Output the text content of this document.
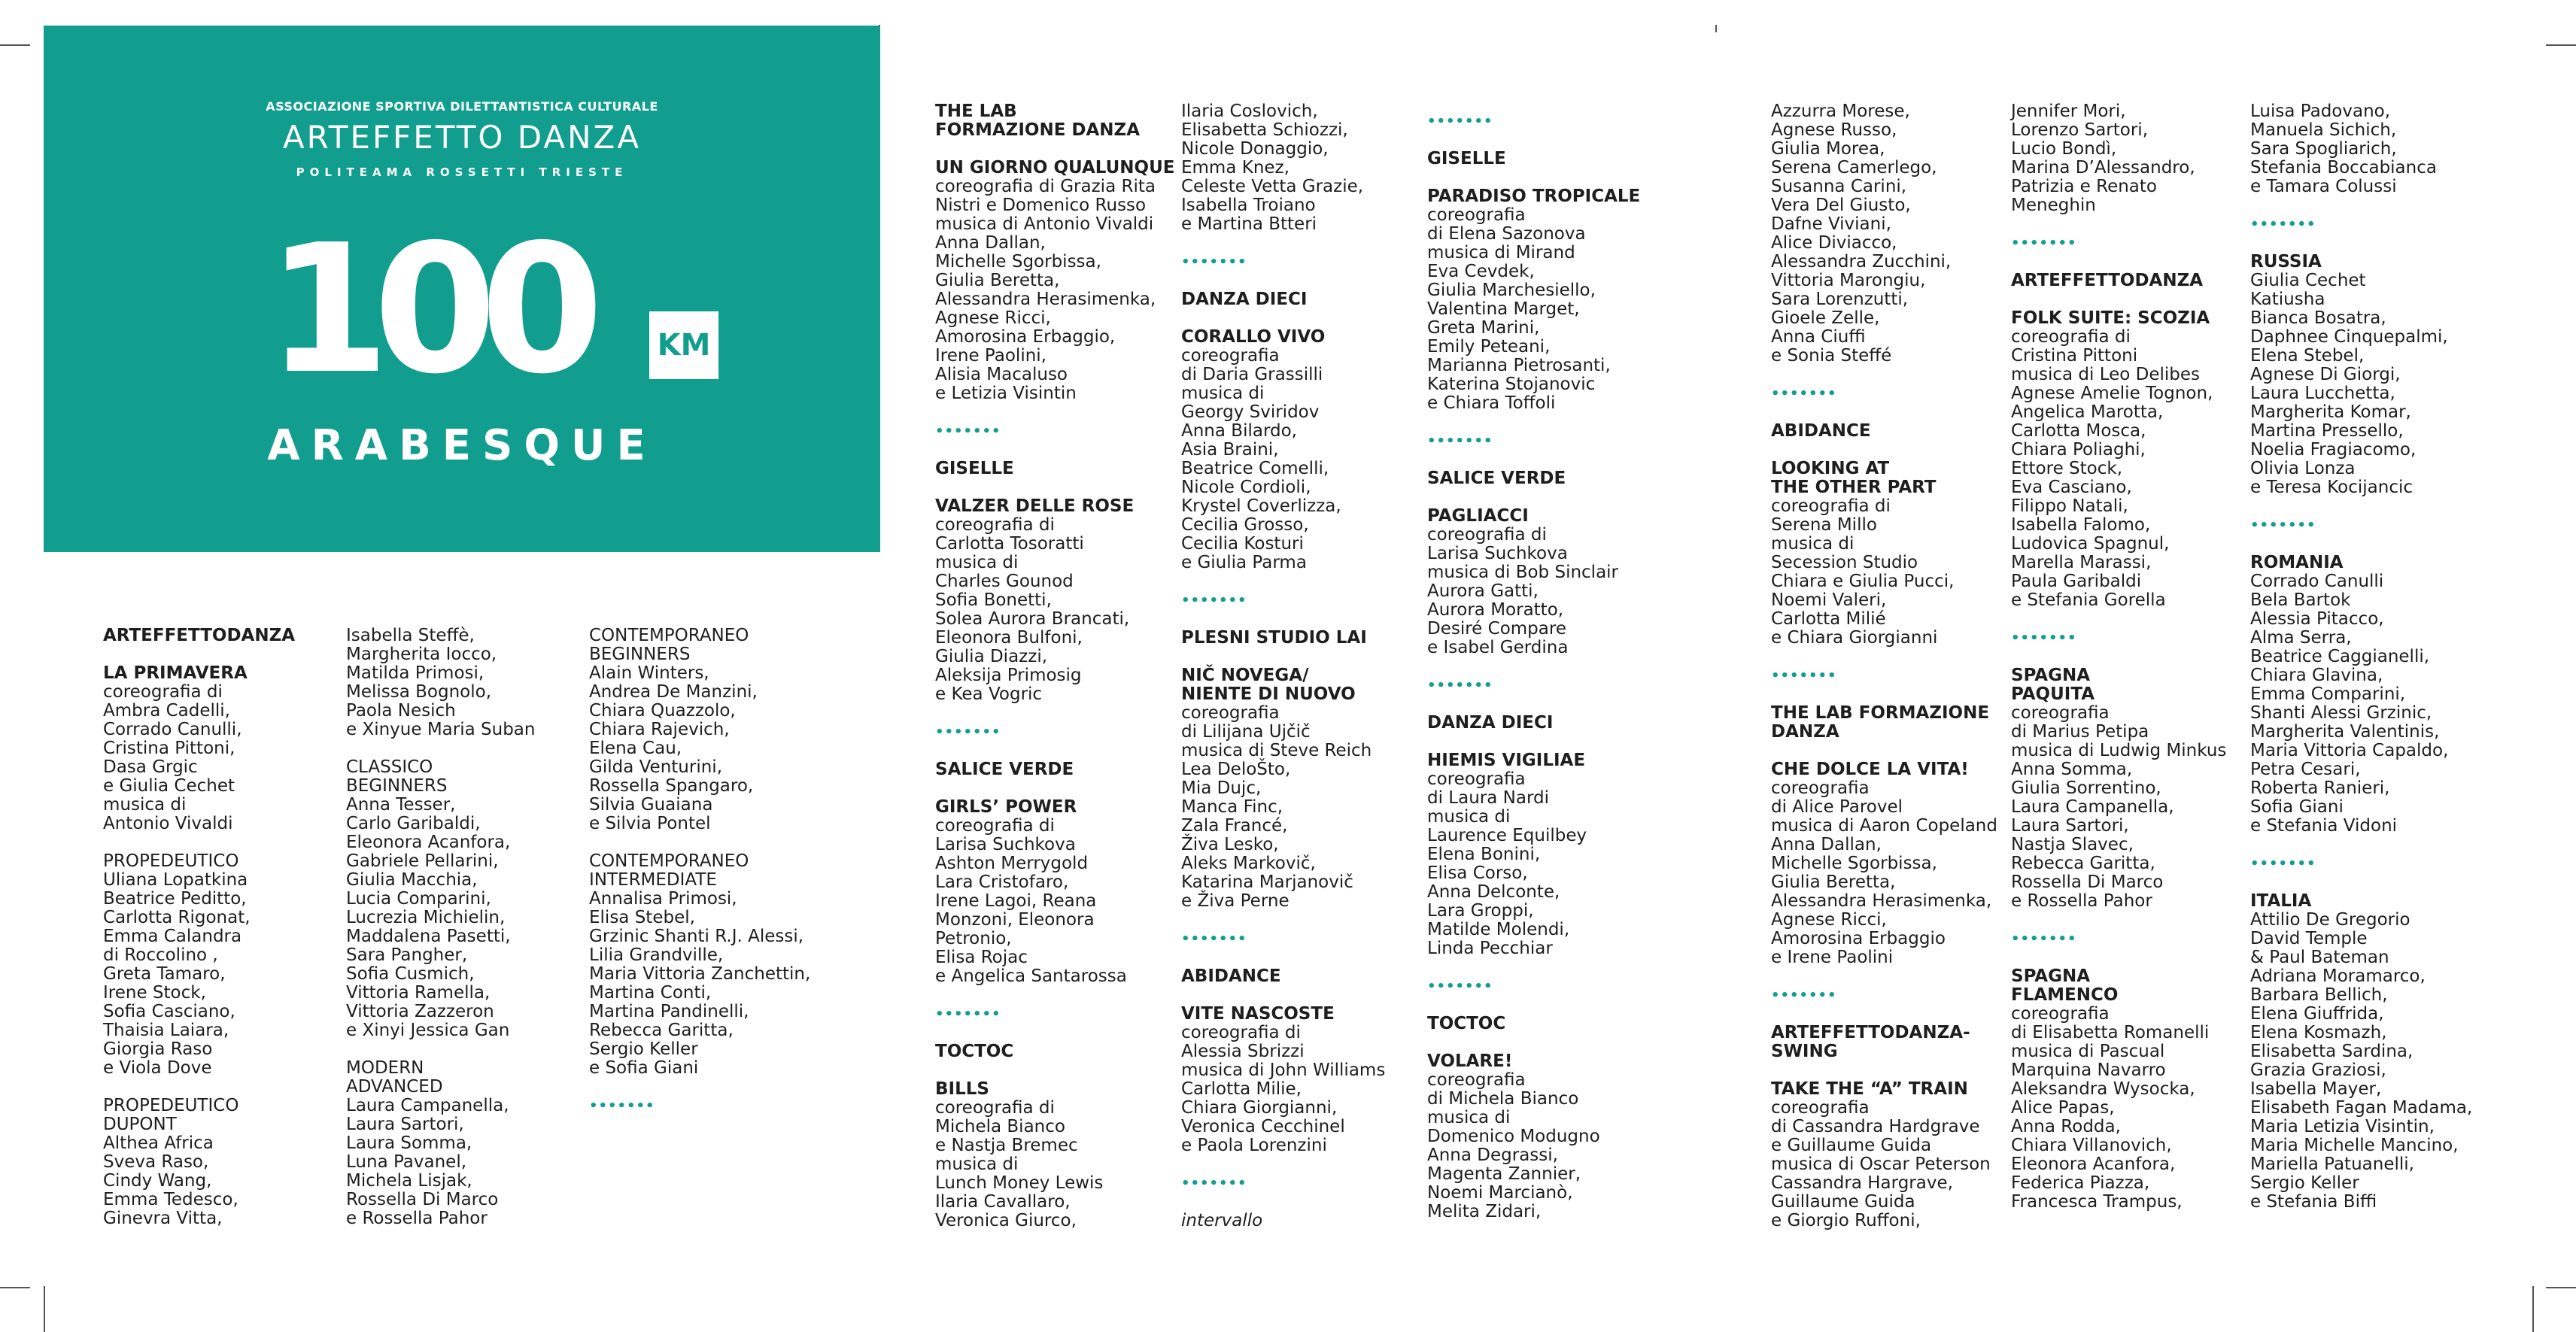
ASSOCIAZIONE SPORTIVA DILETTANTISTICA CULTURALE
ARTEFFETTO DANZA
POLITEAMA ROSSETTI TRIESTE
100 KM
ARABESQUE
ARTEFFETTODANZA
LA PRIMAVERA
coreografia di
Ambra Cadelli,
Corrado Canulli,
Cristina Pittoni,
Dasa Grgic
e Giulia Cechet
musica di
Antonio Vivaldi
PROPEDEUTICO
Uliana Lopatkina
Beatrice Peditto,
Carlotta Rigonat,
Emma Calandra
di Roccolino ,
Greta Tamaro,
Irene Stock,
Sofia Casciano,
Thaisia Laiara,
Giorgia Raso
e Viola Dove
PROPEDEUTICO
DUPONT
Althea Africa
Sveva Raso,
Cindy Wang,
Emma Tedesco,
Ginevra Vitta,
Isabella Steffè,
Margherita Iocco,
Matilda Primosi,
Melissa Bognolo,
Paola Nesich
e Xinyue Maria Suban
CLASSICO
BEGINNERS
Anna Tesser,
Carlo Garibaldi,
Eleonora Acanfora,
Gabriele Pellarini,
Giulia Macchia,
Lucia Comparini,
Lucrezia Michielin,
Maddalena Pasetti,
Sara Pangher,
Sofia Cusmich,
Vittoria Ramella,
Vittoria Zazzeron
e Xinyi Jessica Gan
MODERN
ADVANCED
Laura Campanella,
Laura Sartori,
Laura Somma,
Luna Pavanel,
Michela Lisjak,
Rossella Di Marco
e Rossella Pahor
CONTEMPORANEO
BEGINNERS
Alain Winters,
Andrea De Manzini,
Chiara Quazzolo,
Chiara Rajevich,
Elena Cau,
Gilda Venturini,
Rossella Spangaro,
Silvia Guaiana
e Silvia Pontel
CONTEMPORANEO
INTERMEDIATE
Annalisa Primosi,
Elisa Stebel,
Grzinic Shanti R.J. Alessi,
Lilia Grandville,
Maria Vittoria Zanchettin,
Martina Conti,
Martina Pandinelli,
Rebecca Garitta,
Sergio Keller
e Sofia Giani
•••••••
THE LAB
FORMAZIONE DANZA
UN GIORNO QUALUNQUE
coreografia di Grazia Rita
Nistri e Domenico Russo
musica di Antonio Vivaldi
Anna Dallan,
Michelle Sgorbissa,
Giulia Beretta,
Alessandra Herasimenka,
Agnese Ricci,
Amorosina Erbaggio,
Irene Paolini,
Alisia Macaluso
e Letizia Visintin
•••••••
GISELLE
VALZER DELLE ROSE
coreografia di
Carlotta Tosoratti
musica di
Charles Gounod
Sofia Bonetti,
Solea Aurora Brancati,
Eleonora Bulfoni,
Giulia Diazzi,
Aleksija Primosig
e Kea Vogric
•••••••
SALICE VERDE
GIRLS’ POWER
coreografia di
Larisa Suchkova
Ashton Merrygold
Lara Cristofaro,
Irene Lagoi, Reana
Monzoni, Eleonora
Petronio,
Elisa Rojac
e Angelica Santarossa
•••••••
TOCTOC
BILLS
coreografia di
Michela Bianco
e Nastja Bremec
musica di
Lunch Money Lewis
Ilaria Cavallaro,
Veronica Giurco,
Ilaria Coslovich,
Elisabetta Schiozzi,
Nicole Donaggio,
Emma Knez,
Celeste Vetta Grazie,
Isabella Troiano
e Martina Btteri
•••••••
DANZA DIECI
CORALLO VIVO
coreografia
di Daria Grassilli
musica di
Georgy Sviridov
Anna Bilardo,
Asia Braini,
Beatrice Comelli,
Nicole Cordioli,
Krystel Coverlizza,
Cecilia Grosso,
Cecilia Kosturi
e Giulia Parma
•••••••
PLESNI STUDIO LAI
NIČ NOVEGA/
NIENTE DI NUOVO
coreografia
di Lilijana Ujčič
musica di Steve Reich
Lea DeloŠto,
Mia Dujc,
Manca Finc,
Zala Francé,
Živa Lesko,
Aleks Markovič,
Katarina Marjanovič
e Živa Perne
•••••••
ABIDANCE
VITE NASCOSTE
coreografia di
Alessia Sbrizzi
musica di John Williams
Carlotta Milie,
Chiara Giorgianni,
Veronica Cecchinel
e Paola Lorenzini
•••••••
intervallo
•••••••
GISELLE
PARADISO TROPICALE
coreografia
di Elena Sazonova
musica di Mirand
Eva Cevdek,
Giulia Marchesiello,
Valentina Marget,
Greta Marini,
Emily Peteani,
Marianna Pietrosanti,
Katerina Stojanovic
e Chiara Toffoli
•••••••
SALICE VERDE
PAGLIACCI
coreografia di
Larisa Suchkova
musica di Bob Sinclair
Aurora Gatti,
Aurora Moratto,
Desiré Compare
e Isabel Gerdina
•••••••
DANZA DIECI
HIEMIS VIGILIAE
coreografia
di Laura Nardi
musica di
Laurence Equilbey
Elena Bonini,
Elisa Corso,
Anna Delconte,
Lara Groppi,
Matilde Molendi,
Linda Pecchiar
•••••••
TOCTOC
VOLARE!
coreografia
di Michela Bianco
musica di
Domenico Modugno
Anna Degrassi,
Magenta Zannier,
Noemi Marcianò,
Melita Zidari,
Azzurra Morese,
Agnese Russo,
Giulia Morea,
Serena Camerlego,
Susanna Carini,
Vera Del Giusto,
Dafne Viviani,
Alice Diviacco,
Alessandra Zucchini,
Vittoria Marongiu,
Sara Lorenzutti,
Gioele Zelle,
Anna Ciuffi
e Sonia Steffé
•••••••
ABIDANCE
LOOKING AT
THE OTHER PART
coreografia di
Serena Millo
musica di
Secession Studio
Chiara e Giulia Pucci,
Noemi Valeri,
Carlotta Milié
e Chiara Giorgianni
•••••••
THE LAB FORMAZIONE
DANZA
CHE DOLCE LA VITA!
coreografia
di Alice Parovel
musica di Aaron Copeland
Anna Dallan,
Michelle Sgorbissa,
Giulia Beretta,
Alessandra Herasimenka,
Agnese Ricci,
Amorosina Erbaggio
e Irene Paolini
•••••••
ARTEFFETTODANZA-
SWING
TAKE THE “A” TRAIN
coreografia
di Cassandra Hardgrave
e Guillaume Guida
musica di Oscar Peterson
Cassandra Hargrave,
Guillaume Guida
e Giorgio Ruffoni,
Jennifer Mori,
Lorenzo Sartori,
Lucio Bondì,
Marina D’Alessandro,
Patrizia e Renato
Meneghin
•••••••
ARTEFFETTODANZA
FOLK SUITE: SCOZIA
coreografia di
Cristina Pittoni
musica di Leo Delibes
Agnese Amelie Tognon,
Angelica Marotta,
Carlotta Mosca,
Chiara Poliaghi,
Ettore Stock,
Eva Casciano,
Filippo Natali,
Isabella Falomo,
Ludovica Spagnul,
Marella Marassi,
Paula Garibaldi
e Stefania Gorella
•••••••
SPAGNA
PAQUITA
coreografia
di Marius Petipa
musica di Ludwig Minkus
Anna Somma,
Giulia Sorrentino,
Laura Campanella,
Laura Sartori,
Nastja Slavec,
Rebecca Garitta,
Rossella Di Marco
e Rossella Pahor
•••••••
SPAGNA
FLAMENCO
coreografia
di Elisabetta Romanelli
musica di Pascual
Marquina Navarro
Aleksandra Wysocka,
Alice Papas,
Anna Rodda,
Chiara Villanovich,
Eleonora Acanfora,
Federica Piazza,
Francesca Trampus,
Luisa Padovano,
Manuela Sichich,
Sara Spogliarich,
Stefania Boccabianca
e Tamara Colussi
•••••••
RUSSIA
Giulia Cechet
Katiusha
Bianca Bosatra,
Daphnee Cinquepalmi,
Elena Stebel,
Agnese Di Giorgi,
Laura Lucchetta,
Margherita Komar,
Martina Pressello,
Noelia Fragiacomo,
Olivia Lonza
e Teresa Kocijancic
•••••••
ROMANIA
Corrado Canulli
Bela Bartok
Alessia Pitacco,
Alma Serra,
Beatrice Caggianelli,
Chiara Glavina,
Emma Comparini,
Shanti Alessi Grzinic,
Margherita Valentinis,
Maria Vittoria Capaldo,
Petra Cesari,
Roberta Ranieri,
Sofia Giani
e Stefania Vidoni
•••••••
ITALIA
Attilio De Gregorio
David Temple
& Paul Bateman
Adriana Moramarco,
Barbara Bellich,
Elena Giuffrida,
Elena Kosmazh,
Elisabetta Sardina,
Grazia Graziosi,
Isabella Mayer,
Elisabeth Fagan Madama,
Maria Letizia Visintin,
Maria Michelle Mancino,
Mariella Patuanelli,
Sergio Keller
e Stefania Biffi
